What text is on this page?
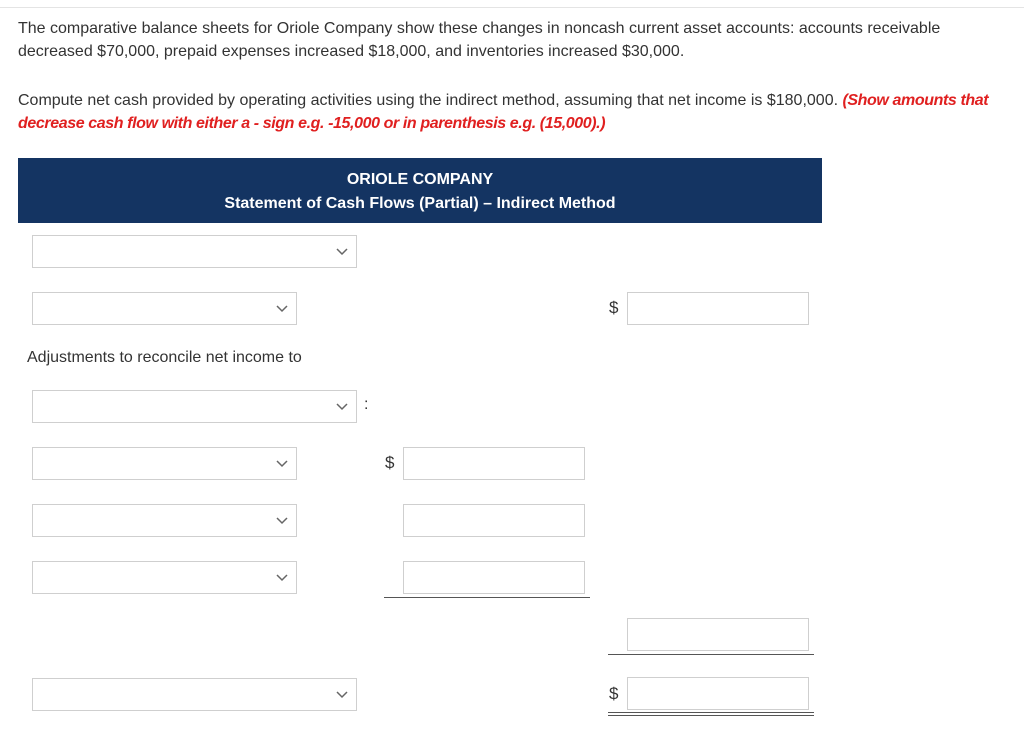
The comparative balance sheets for Oriole Company show these changes in noncash current asset accounts: accounts receivable decreased $70,000, prepaid expenses increased $18,000, and inventories increased $30,000.
Compute net cash provided by operating activities using the indirect method, assuming that net income is $180,000. (Show amounts that decrease cash flow with either a - sign e.g. -15,000 or in parenthesis e.g. (15,000).)
ORIOLE COMPANY
Statement of Cash Flows (Partial) – Indirect Method
$
Adjustments to reconcile net income to
:
$
$
